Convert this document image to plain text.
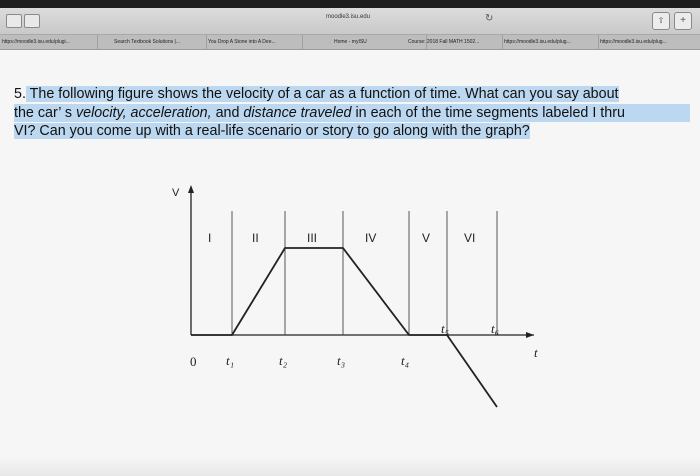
moodle3.isu.edu	↻	⇧	+
https://moodle3.isu.edu/plugi...	Search Textbook Solutions |...	You Drop A Stone into A Dee...	Home - myISU	Course: 2018 Fall MATH 1502...	https://moodle3.isu.edu/plug...	https://moodle3.isu.edu/plug...
5. The following figure shows the velocity of a car as a function of time. What can you say about
the car’ s velocity, acceleration, and distance traveled in each of the time segments labeled I thru
VI? Can you come up with a real-life scenario or story to go along with the graph?
V
t
0
I	II	III	IV	V	VI
t₁	t₂	t₃	t₄
t₅	t₆
